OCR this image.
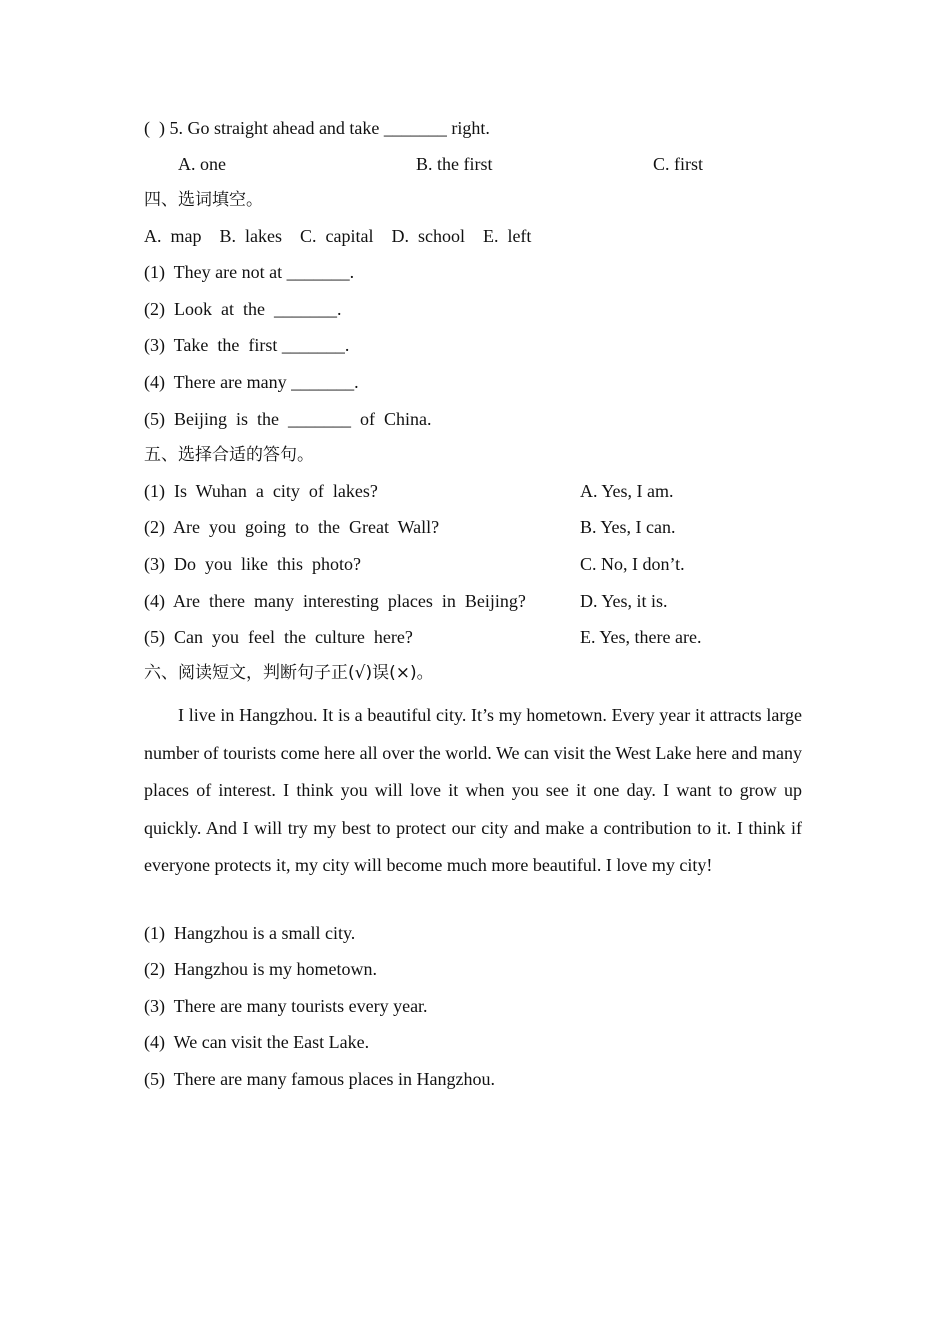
(  ) 5. Go straight ahead and take _______ right.
A. one	B. the first	C. first
四、选词填空。
A.  map    B.  lakes    C.  capital    D.  school    E.  left
(1)  They are not at _______.
(2)  Look  at  the  _______.
(3)  Take  the  first _______.
(4)  There are many _______.
(5)  Beijing  is  the  _______  of  China.
五、选择合适的答句。
(1)  Is  Wuhan  a  city  of  lakes?
(2)  Are  you  going  to  the  Great  Wall?
(3)  Do  you  like  this  photo?
(4)  Are  there  many  interesting  places  in  Beijing?
(5)  Can  you  feel  the  culture  here?
A. Yes, I am.
B. Yes, I can.
C. No, I don’t.
D. Yes, it is.
E. Yes, there are.
六、阅读短文，判断句子正(√)误(×)。
I live in Hangzhou. It is a beautiful city. It’s my hometown. Every year it attracts large number of tourists come here all over the world. We can visit the West Lake here and many places of interest. I think you will love it when you see it one day. I want to grow up quickly. And I will try my best to protect our city and make a contribution to it. I think if everyone protects it, my city will become much more beautiful. I love my city!
(1)  Hangzhou is a small city.
(2)  Hangzhou is my hometown.
(3)  There are many tourists every year.
(4)  We can visit the East Lake.
(5)  There are many famous places in Hangzhou.
